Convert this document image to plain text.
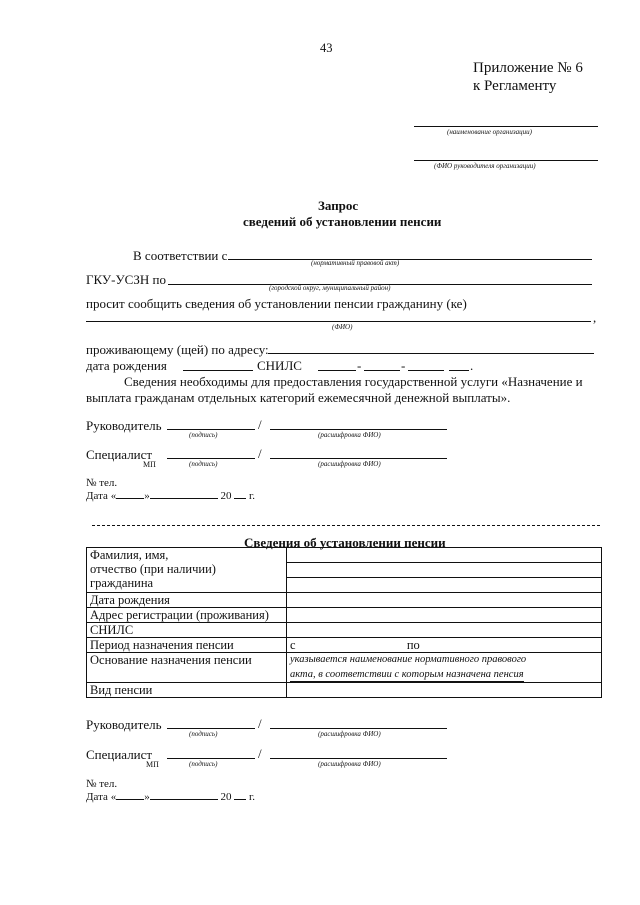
43
Приложение № 6
к Регламенту
(наименование организации)
(ФИО руководителя организации)
Запрос
сведений об установлении пенсии
В соответствии с	(нормативный правовой акт)
ГКУ-УСЗН по
(городской округ, муниципальный район)
просит сообщить сведения об установлении пенсии гражданину (ке)
,
(ФИО)
проживающему (щей) по адресу:
дата рождения	СНИЛС	-	-	.
Сведения необходимы для предоставления государственной услуги «Назначение и
выплата гражданам отдельных категорий ежемесячной денежной выплаты».
Руководитель	/
(подпись)	(расшифровка ФИО)
Специалист
МП
/
(подпись)	(расшифровка ФИО)
№ тел.
Дата «	»	20 г.
Сведения об установлении пенсии
Фамилия, имя,
отчество (при наличии)
гражданина	

Дата рождения	
Адрес регистрации (проживания)	
СНИЛС	
Период назначения пенсии	с по
Основание назначения пенсии	указывается наименование нормативного правового
акта, в соответствии с которым назначена пенсия
Вид пенсии	
Руководитель	/
(подпись)	(расшифровка ФИО)
Специалист
МП
/
(подпись)	(расшифровка ФИО)
№ тел.
Дата «	»	20 г.
